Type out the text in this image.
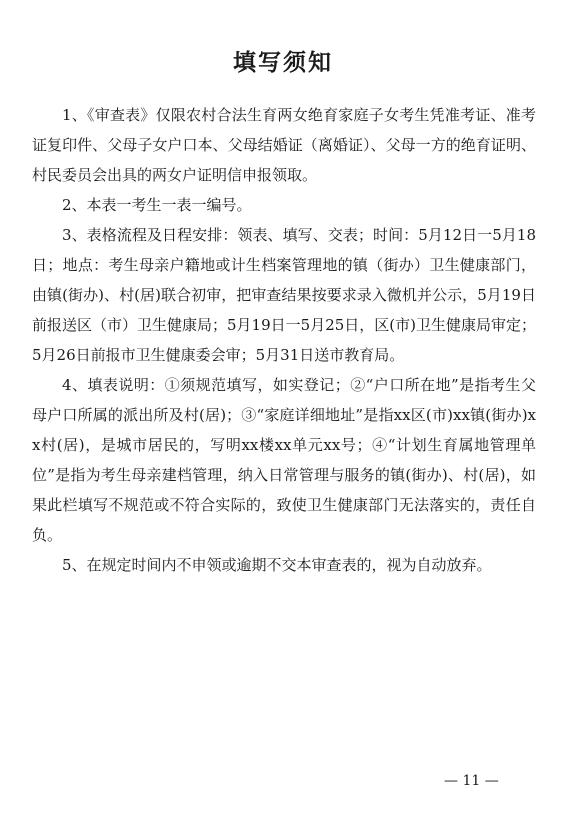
填写须知

1、《审查表》仅限农村合法生育两女绝育家庭子女考生凭准考证、准考证复印件、父母子女户口本、父母结婚证（离婚证）、父母一方的绝育证明、村民委员会出具的两女户证明信申报领取。

2、本表一考生一表一编号。

3、表格流程及日程安排：领表、填写、交表；时间：5月12日一5月18日；地点：考生母亲户籍地或计生档案管理地的镇（街办）卫生健康部门，由镇(街办)、村(居)联合初审，把审查结果按要求录入微机并公示，5月19日前报送区（市）卫生健康局；5月19日一5月25日，区(市)卫生健康局审定；5月26日前报市卫生健康委会审；5月31日送市教育局。

4、填表说明：①须规范填写，如实登记；②“户口所在地”是指考生父母户口所属的派出所及村(居)；③“家庭详细地址”是指xx区(市)xx镇(街办)x x村(居)，是城市居民的，写明xx楼xx单元xx号；④“计划生育属地管理单位”是指为考生母亲建档管理，纳入日常管理与服务的镇(街办)、村(居)，如果此栏填写不规范或不符合实际的，致使卫生健康部门无法落实的，责任自负。

5、在规定时间内不申领或逾期不交本审查表的，视为自动放弃。

— 11 —
